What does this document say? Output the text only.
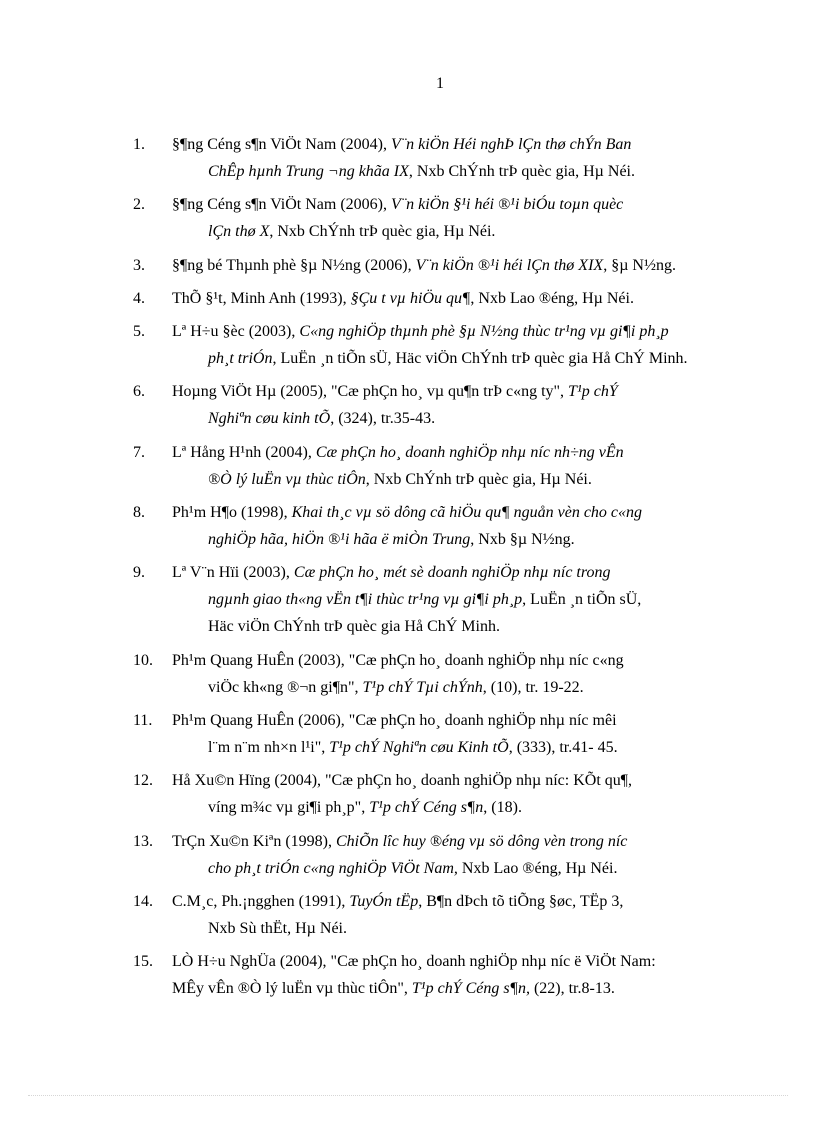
1
1.	§¶ng Céng s¶n ViÖt Nam (2004), V¨n kiÖn Héi nghÞ lÇn thø chÝn Ban
ChÊp hµnh Trung ¬ng khãa IX, Nxb ChÝnh trÞ quèc gia, Hµ Néi.
2.	§¶ng Céng s¶n ViÖt Nam (2006), V¨n kiÖn §¹i héi ®¹i biÓu toµn quèc
lÇn thø X, Nxb ChÝnh trÞ quèc gia, Hµ Néi.
3.	§¶ng bé Thµnh phè §µ N½ng (2006), V¨n kiÖn ®¹i héi lÇn thø XIX, §µ N½ng.
4.	ThÕ §¹t, Minh Anh (1993), §Çu t vµ hiÖu qu¶, Nxb Lao ®éng, Hµ Néi.
5.	Lª H÷u §èc (2003), C«ng nghiÖp thµnh phè §µ N½ng thùc tr¹ng vµ gi¶i ph¸p
ph¸t triÓn, LuËn ¸n tiÕn sÜ, Häc viÖn ChÝnh trÞ quèc gia Hå ChÝ Minh.
6.	Hoµng ViÖt Hµ (2005), "Cæ phÇn ho¸ vµ qu¶n trÞ c«ng ty", T¹p chÝ
Nghiªn cøu kinh tÕ, (324), tr.35-43.
7.	Lª Hång H¹nh (2004), Cæ phÇn ho¸ doanh nghiÖp nhµ níc nh÷ng vÊn
®Ò lý luËn vµ thùc tiÔn, Nxb ChÝnh trÞ quèc gia, Hµ Néi.
8.	Ph¹m H¶o (1998), Khai th¸c vµ sö dông cã hiÖu qu¶ nguån vèn cho c«ng
nghiÖp hãa, hiÖn ®¹i hãa ë miÒn Trung, Nxb §µ N½ng.
9.	Lª V¨n Hïi (2003), Cæ phÇn ho¸ mét sè doanh nghiÖp nhµ níc trong
ngµnh giao th«ng vËn t¶i thùc tr¹ng vµ gi¶i ph¸p, LuËn ¸n tiÕn sÜ,
Häc viÖn ChÝnh trÞ quèc gia Hå ChÝ Minh.
10.	Ph¹m Quang HuÊn (2003), "Cæ phÇn ho¸ doanh nghiÖp nhµ níc c«ng
viÖc kh«ng ®¬n gi¶n", T¹p chÝ Tµi chÝnh, (10), tr. 19-22.
11.	Ph¹m Quang HuÊn (2006), "Cæ phÇn ho¸ doanh nghiÖp nhµ níc mêi
l¨m n¨m nh×n l¹i", T¹p chÝ Nghiªn cøu Kinh tÕ, (333), tr.41- 45.
12.	Hå Xu©n Hïng (2004), "Cæ phÇn ho¸ doanh nghiÖp nhµ níc: KÕt qu¶,
víng m¾c vµ gi¶i ph¸p", T¹p chÝ Céng s¶n, (18).
13.	TrÇn Xu©n Kiªn (1998), ChiÕn lîc huy ®éng vµ sö dông vèn trong níc
cho ph¸t triÓn c«ng nghiÖp ViÖt Nam, Nxb Lao ®éng, Hµ Néi.
14.	C.M¸c, Ph.¡ngghen (1991), TuyÓn tËp, B¶n dÞch tõ tiÕng §øc, TËp 3,
Nxb Sù thËt, Hµ Néi.
15.	LÒ H÷u NghÜa (2004), "Cæ phÇn ho¸ doanh nghiÖp nhµ níc ë ViÖt Nam:
MÊy vÊn ®Ò lý luËn vµ thùc tiÔn", T¹p chÝ Céng s¶n, (22), tr.8-13.
